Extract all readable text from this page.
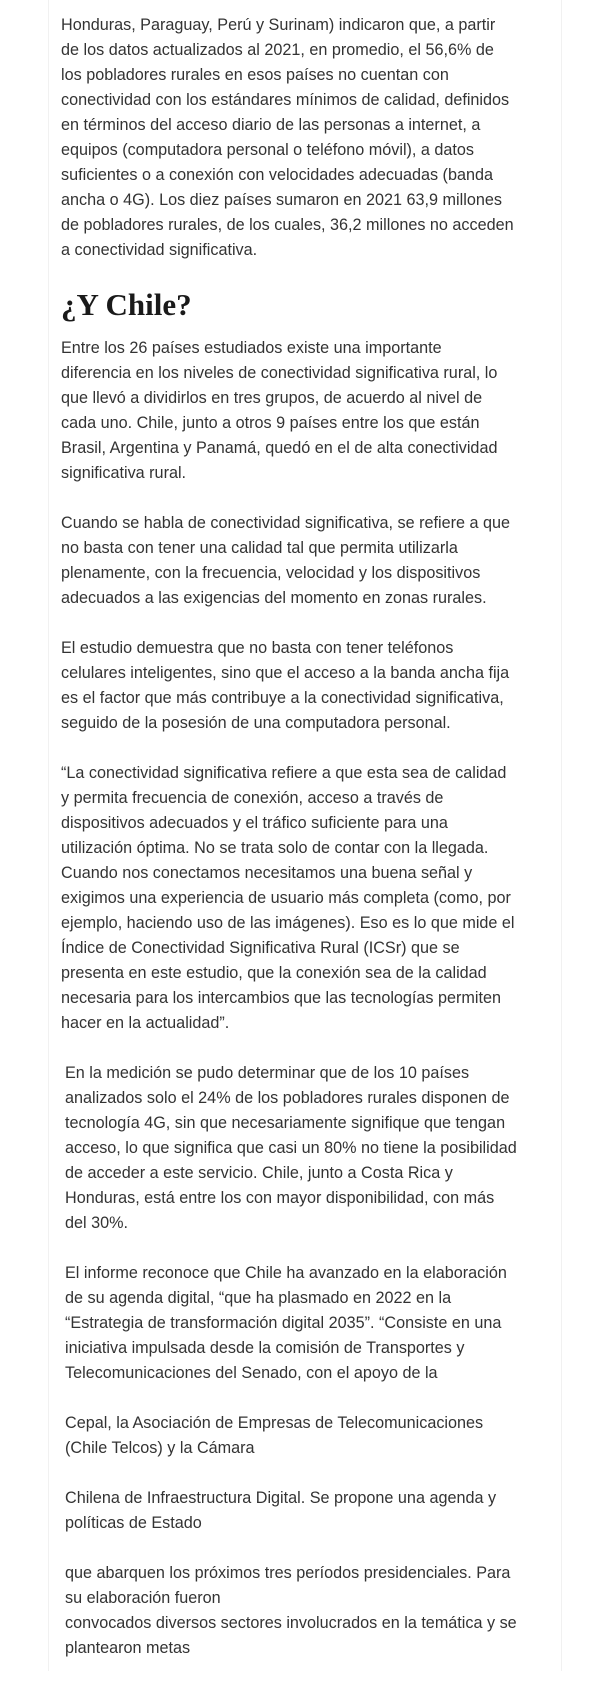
Honduras, Paraguay, Perú y Surinam) indicaron que, a partir
de los datos actualizados al 2021, en promedio, el 56,6% de
los pobladores rurales en esos países no cuentan con
conectividad con los estándares mínimos de calidad, definidos
en términos del acceso diario de las personas a internet, a
equipos (computadora personal o teléfono móvil), a datos
suficientes o a conexión con velocidades adecuadas (banda
ancha o 4G). Los diez países sumaron en 2021 63,9 millones
de pobladores rurales, de los cuales, 36,2 millones no acceden
a conectividad significativa.

¿Y Chile?

Entre los 26 países estudiados existe una importante
diferencia en los niveles de conectividad significativa rural, lo
que llevó a dividirlos en tres grupos, de acuerdo al nivel de
cada uno. Chile, junto a otros 9 países entre los que están
Brasil, Argentina y Panamá, quedó en el de alta conectividad
significativa rural.

Cuando se habla de conectividad significativa, se refiere a que
no basta con tener una calidad tal que permita utilizarla
plenamente, con la frecuencia, velocidad y los dispositivos
adecuados a las exigencias del momento en zonas rurales.

El estudio demuestra que no basta con tener teléfonos
celulares inteligentes, sino que el acceso a la banda ancha fija
es el factor que más contribuye a la conectividad significativa,
seguido de la posesión de una computadora personal.

“La conectividad significativa refiere a que esta sea de calidad
y permita frecuencia de conexión, acceso a través de
dispositivos adecuados y el tráfico suficiente para una
utilización óptima. No se trata solo de contar con la llegada.
Cuando nos conectamos necesitamos una buena señal y
exigimos una experiencia de usuario más completa (como, por
ejemplo, haciendo uso de las imágenes). Eso es lo que mide el
Índice de Conectividad Significativa Rural (ICSr) que se
presenta en este estudio, que la conexión sea de la calidad
necesaria para los intercambios que las tecnologías permiten
hacer en la actualidad”.

En la medición se pudo determinar que de los 10 países
analizados solo el 24% de los pobladores rurales disponen de
tecnología 4G, sin que necesariamente signifique que tengan
acceso, lo que significa que casi un 80% no tiene la posibilidad
de acceder a este servicio. Chile, junto a Costa Rica y
Honduras, está entre los con mayor disponibilidad, con más
del 30%.

El informe reconoce que Chile ha avanzado en la elaboración
de su agenda digital, “que ha plasmado en 2022 en la
“Estrategia de transformación digital 2035”. “Consiste en una
iniciativa impulsada desde la comisión de Transportes y
Telecomunicaciones del Senado, con el apoyo de la

Cepal, la Asociación de Empresas de Telecomunicaciones
(Chile Telcos) y la Cámara

Chilena de Infraestructura Digital. Se propone una agenda y
políticas de Estado

que abarquen los próximos tres períodos presidenciales. Para
su elaboración fueron
convocados diversos sectores involucrados en la temática y se
plantearon metas
